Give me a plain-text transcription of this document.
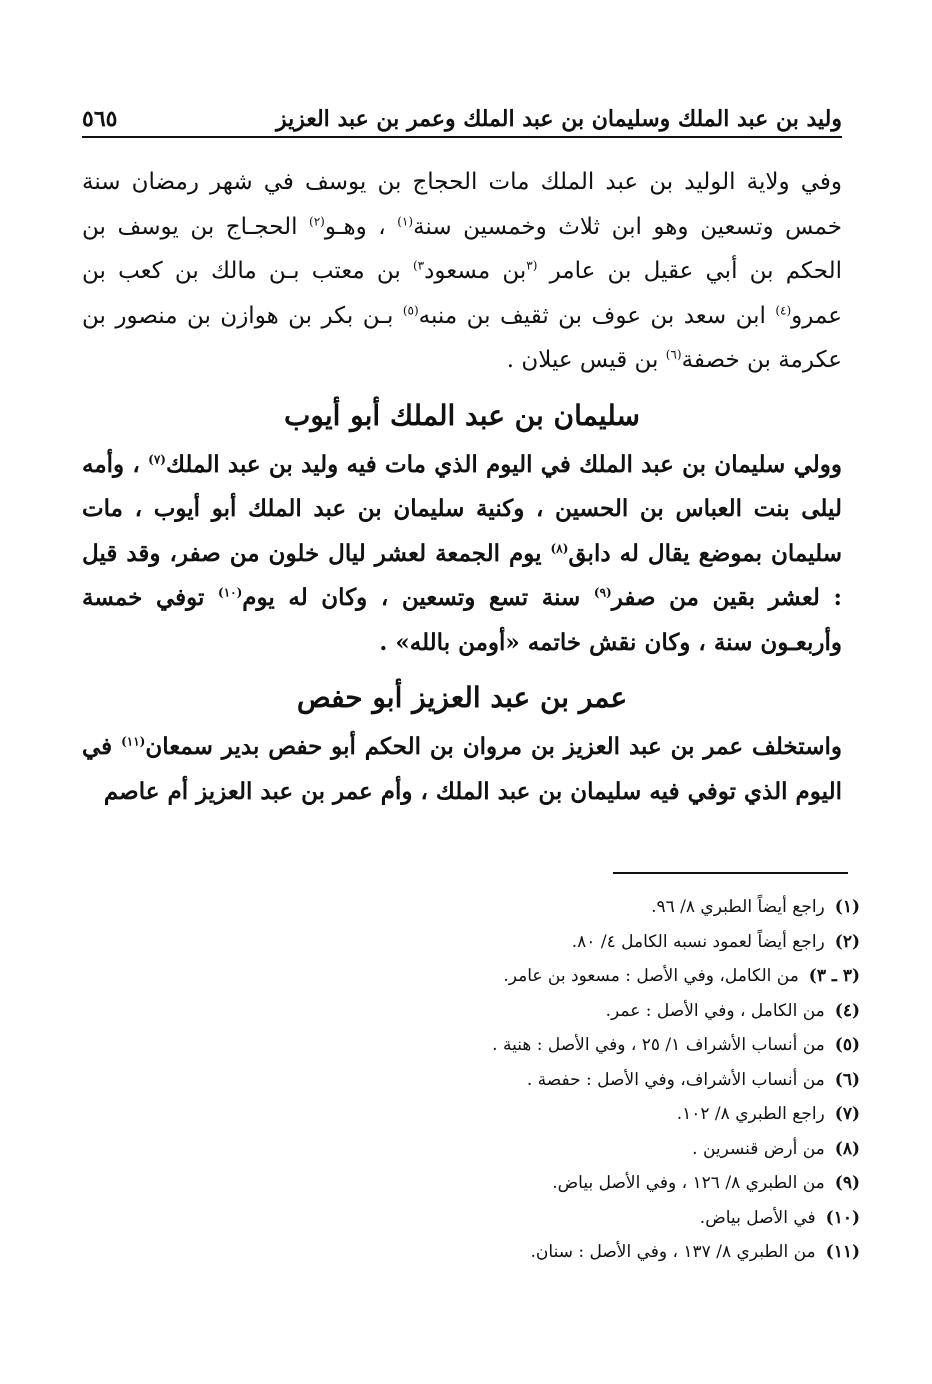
وليد بن عبد الملك وسليمان بن عبد الملك وعمر بن عبد العزيز
٥٦٥

وفي ولاية الوليد بن عبد الملك مات الحجاج بن يوسف في شهر رمضان سنة خمس وتسعين وهو ابن ثلاث وخمسين سنة$^{(١)}$ ، وهـو$^{(٢)}$ الحجـاج بن يوسف بن الحكم بن أبي عقيل بن عامر $^{(٣}$بن مسعود$^{٣)}$ بن معتب بـن مالك بن كعب بن عمرو$^{(٤)}$ ابن سعد بن عوف بن ثقيف بن منبه$^{(٥)}$ بـن بكر بن هوازن بن منصور بن عكرمة بن خصفة$^{(٦)}$ بن قيس عيلان .

سليمان بن عبد الملك أبو أيوب

وولي سليمان بن عبد الملك في اليوم الذي مات فيه وليد بن عبد الملك$^{(٧)}$ ، وأمه ليلى بنت العباس بن الحسين ، وكنية سليمان بن عبد الملك أبو أيوب ، مات سليمان بموضع يقال له دابق$^{(٨)}$ يوم الجمعة لعشر ليال خلون من صفر، وقد قيل : لعشر بقين من صفر$^{(٩)}$ سنة تسع وتسعين ، وكان له يوم$^{(١٠)}$ توفي خمسة وأربعـون سنة ، وكان نقش خاتمه «أومن بالله» .

عمر بن عبد العزيز أبو حفص

واستخلف عمر بن عبد العزيز بن مروان بن الحكم أبو حفص بدير سمعان$^{(١١)}$ في اليوم الذي توفي فيه سليمان بن عبد الملك ، وأم عمر بن عبد العزيز أم عاصم

(١)راجع أيضاً الطبري ٨/ ٩٦.
(٢)راجع أيضاً لعمود نسبه الكامل ٤/ ٨٠.
(٣ ـ ٣)من الكامل، وفي الأصل : مسعود بن عامر.
(٤)من الكامل ، وفي الأصل : عمر.
(٥)من أنساب الأشراف ١/ ٢٥ ، وفي الأصل : هنية .
(٦)من أنساب الأشراف، وفي الأصل : حفصة .
(٧)راجع الطبري ٨/ ١٠٢.
(٨)من أرض قنسرين .
(٩)من الطبري ٨/ ١٢٦ ، وفي الأصل بياض.
(١٠)في الأصل بياض.
(١١)من الطبري ٨/ ١٣٧ ، وفي الأصل : سنان.
